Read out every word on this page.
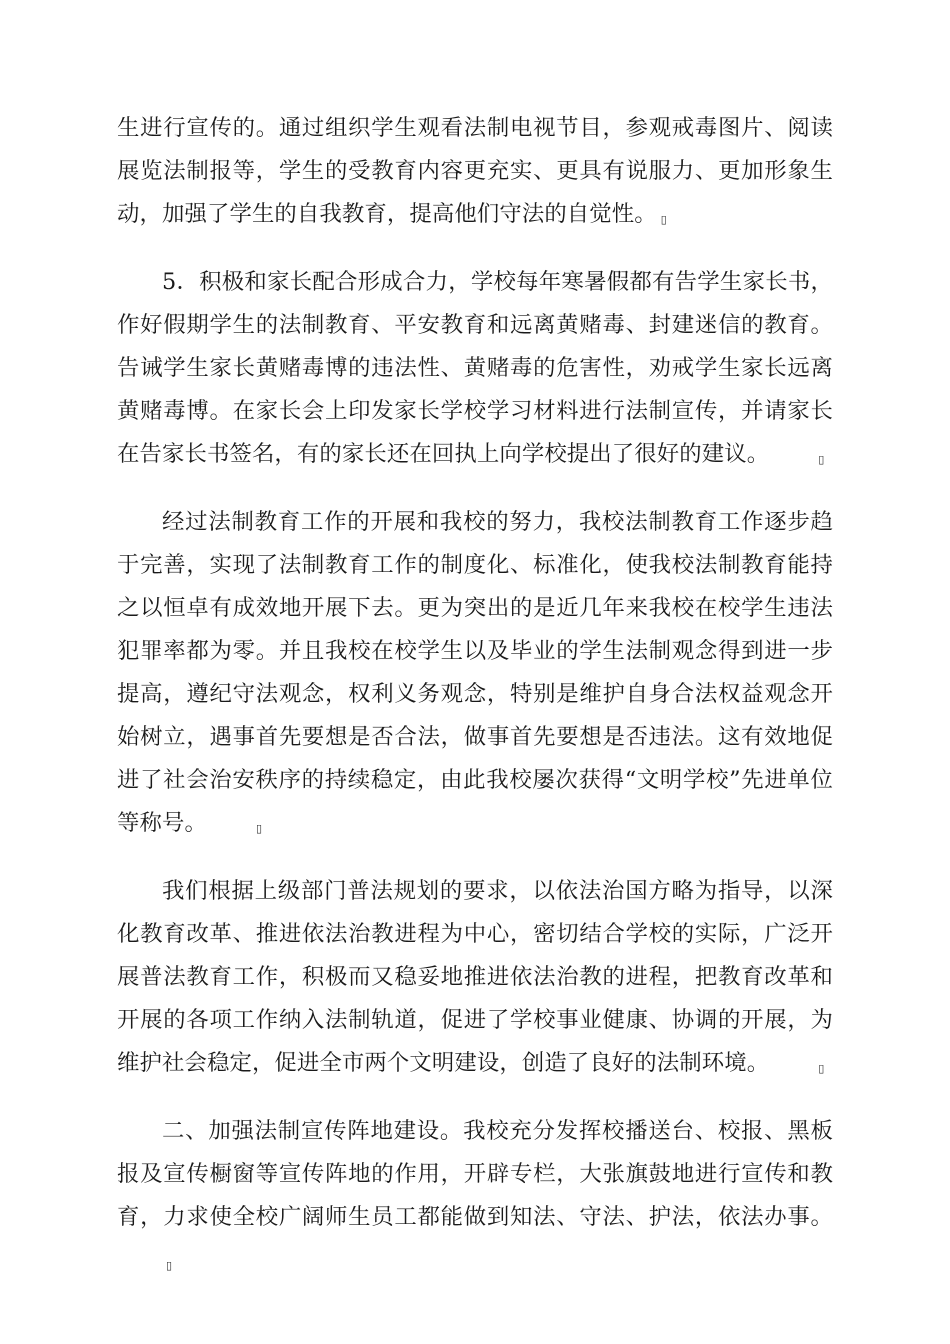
生进行宣传的。通过组织学生观看法制电视节目，参观戒毒图片、阅读展览法制报等，学生的受教育内容更充实、更具有说服力、更加形象生动，加强了学生的自我教育，提高他们守法的自觉性。 ▯

5．积极和家长配合形成合力，学校每年寒暑假都有告学生家长书，作好假期学生的法制教育、平安教育和远离黄赌毒、封建迷信的教育。告诫学生家长黄赌毒博的违法性、黄赌毒的危害性，劝戒学生家长远离黄赌毒博。在家长会上印发家长学校学习材料进行法制宣传，并请家长在告家长书签名，有的家长还在回执上向学校提出了很好的建议。	▯

经过法制教育工作的开展和我校的努力，我校法制教育工作逐步趋于完善，实现了法制教育工作的制度化、标准化，使我校法制教育能持之以恒卓有成效地开展下去。更为突出的是近几年来我校在校学生违法犯罪率都为零。并且我校在校学生以及毕业的学生法制观念得到进一步提高，遵纪守法观念，权利义务观念，特别是维护自身合法权益观念开始树立，遇事首先要想是否合法，做事首先要想是否违法。这有效地促进了社会治安秩序的持续稳定，由此我校屡次获得“文明学校”先进单位等称号。	▯

我们根据上级部门普法规划的要求，以依法治国方略为指导，以深化教育改革、推进依法治教进程为中心，密切结合学校的实际，广泛开展普法教育工作，积极而又稳妥地推进依法治教的进程，把教育改革和开展的各项工作纳入法制轨道，促进了学校事业健康、协调的开展，为维护社会稳定，促进全市两个文明建设，创造了良好的法制环境。	▯

二、加强法制宣传阵地建设。我校充分发挥校播送台、校报、黑板报及宣传橱窗等宣传阵地的作用，开辟专栏，大张旗鼓地进行宣传和教育，力求使全校广阔师生员工都能做到知法、守法、护法，依法办事。▯
